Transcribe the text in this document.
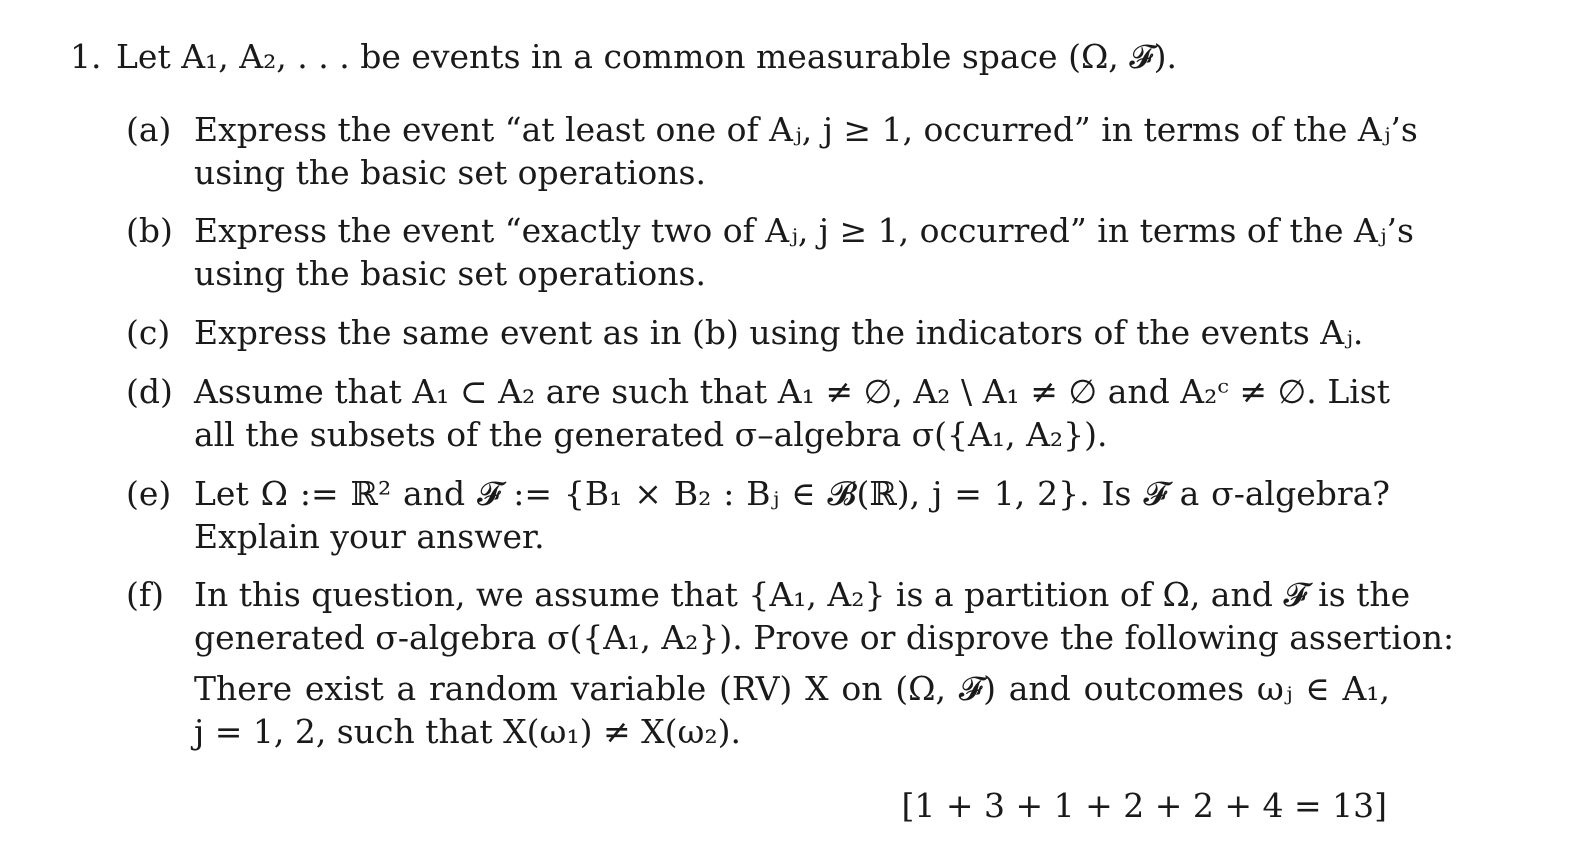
1. Let A₁, A₂, . . . be events in a common measurable space (Ω, 𝓕).
(a) Express the event “at least one of Aⱼ, j ≥ 1, occurred” in terms of the Aⱼ’s
using the basic set operations.
(b) Express the event “exactly two of Aⱼ, j ≥ 1, occurred” in terms of the Aⱼ’s
using the basic set operations.
(c) Express the same event as in (b) using the indicators of the events Aⱼ.
(d) Assume that A₁ ⊂ A₂ are such that A₁ ≠ ∅, A₂ \ A₁ ≠ ∅ and A₂ᶜ ≠ ∅. List
all the subsets of the generated σ–algebra σ({A₁, A₂}).
(e) Let Ω := ℝ² and 𝓕 := {B₁ × B₂ : Bⱼ ∈ 𝓑(ℝ), j = 1, 2}. Is 𝓕 a σ-algebra?
Explain your answer.
(f) In this question, we assume that {A₁, A₂} is a partition of Ω, and 𝓕 is the
generated σ-algebra σ({A₁, A₂}). Prove or disprove the following assertion:
There exist a random variable (RV) X on (Ω, 𝓕) and outcomes ωⱼ ∈ A₁,
j = 1, 2, such that X(ω₁) ≠ X(ω₂).
[1 + 3 + 1 + 2 + 2 + 4 = 13]
